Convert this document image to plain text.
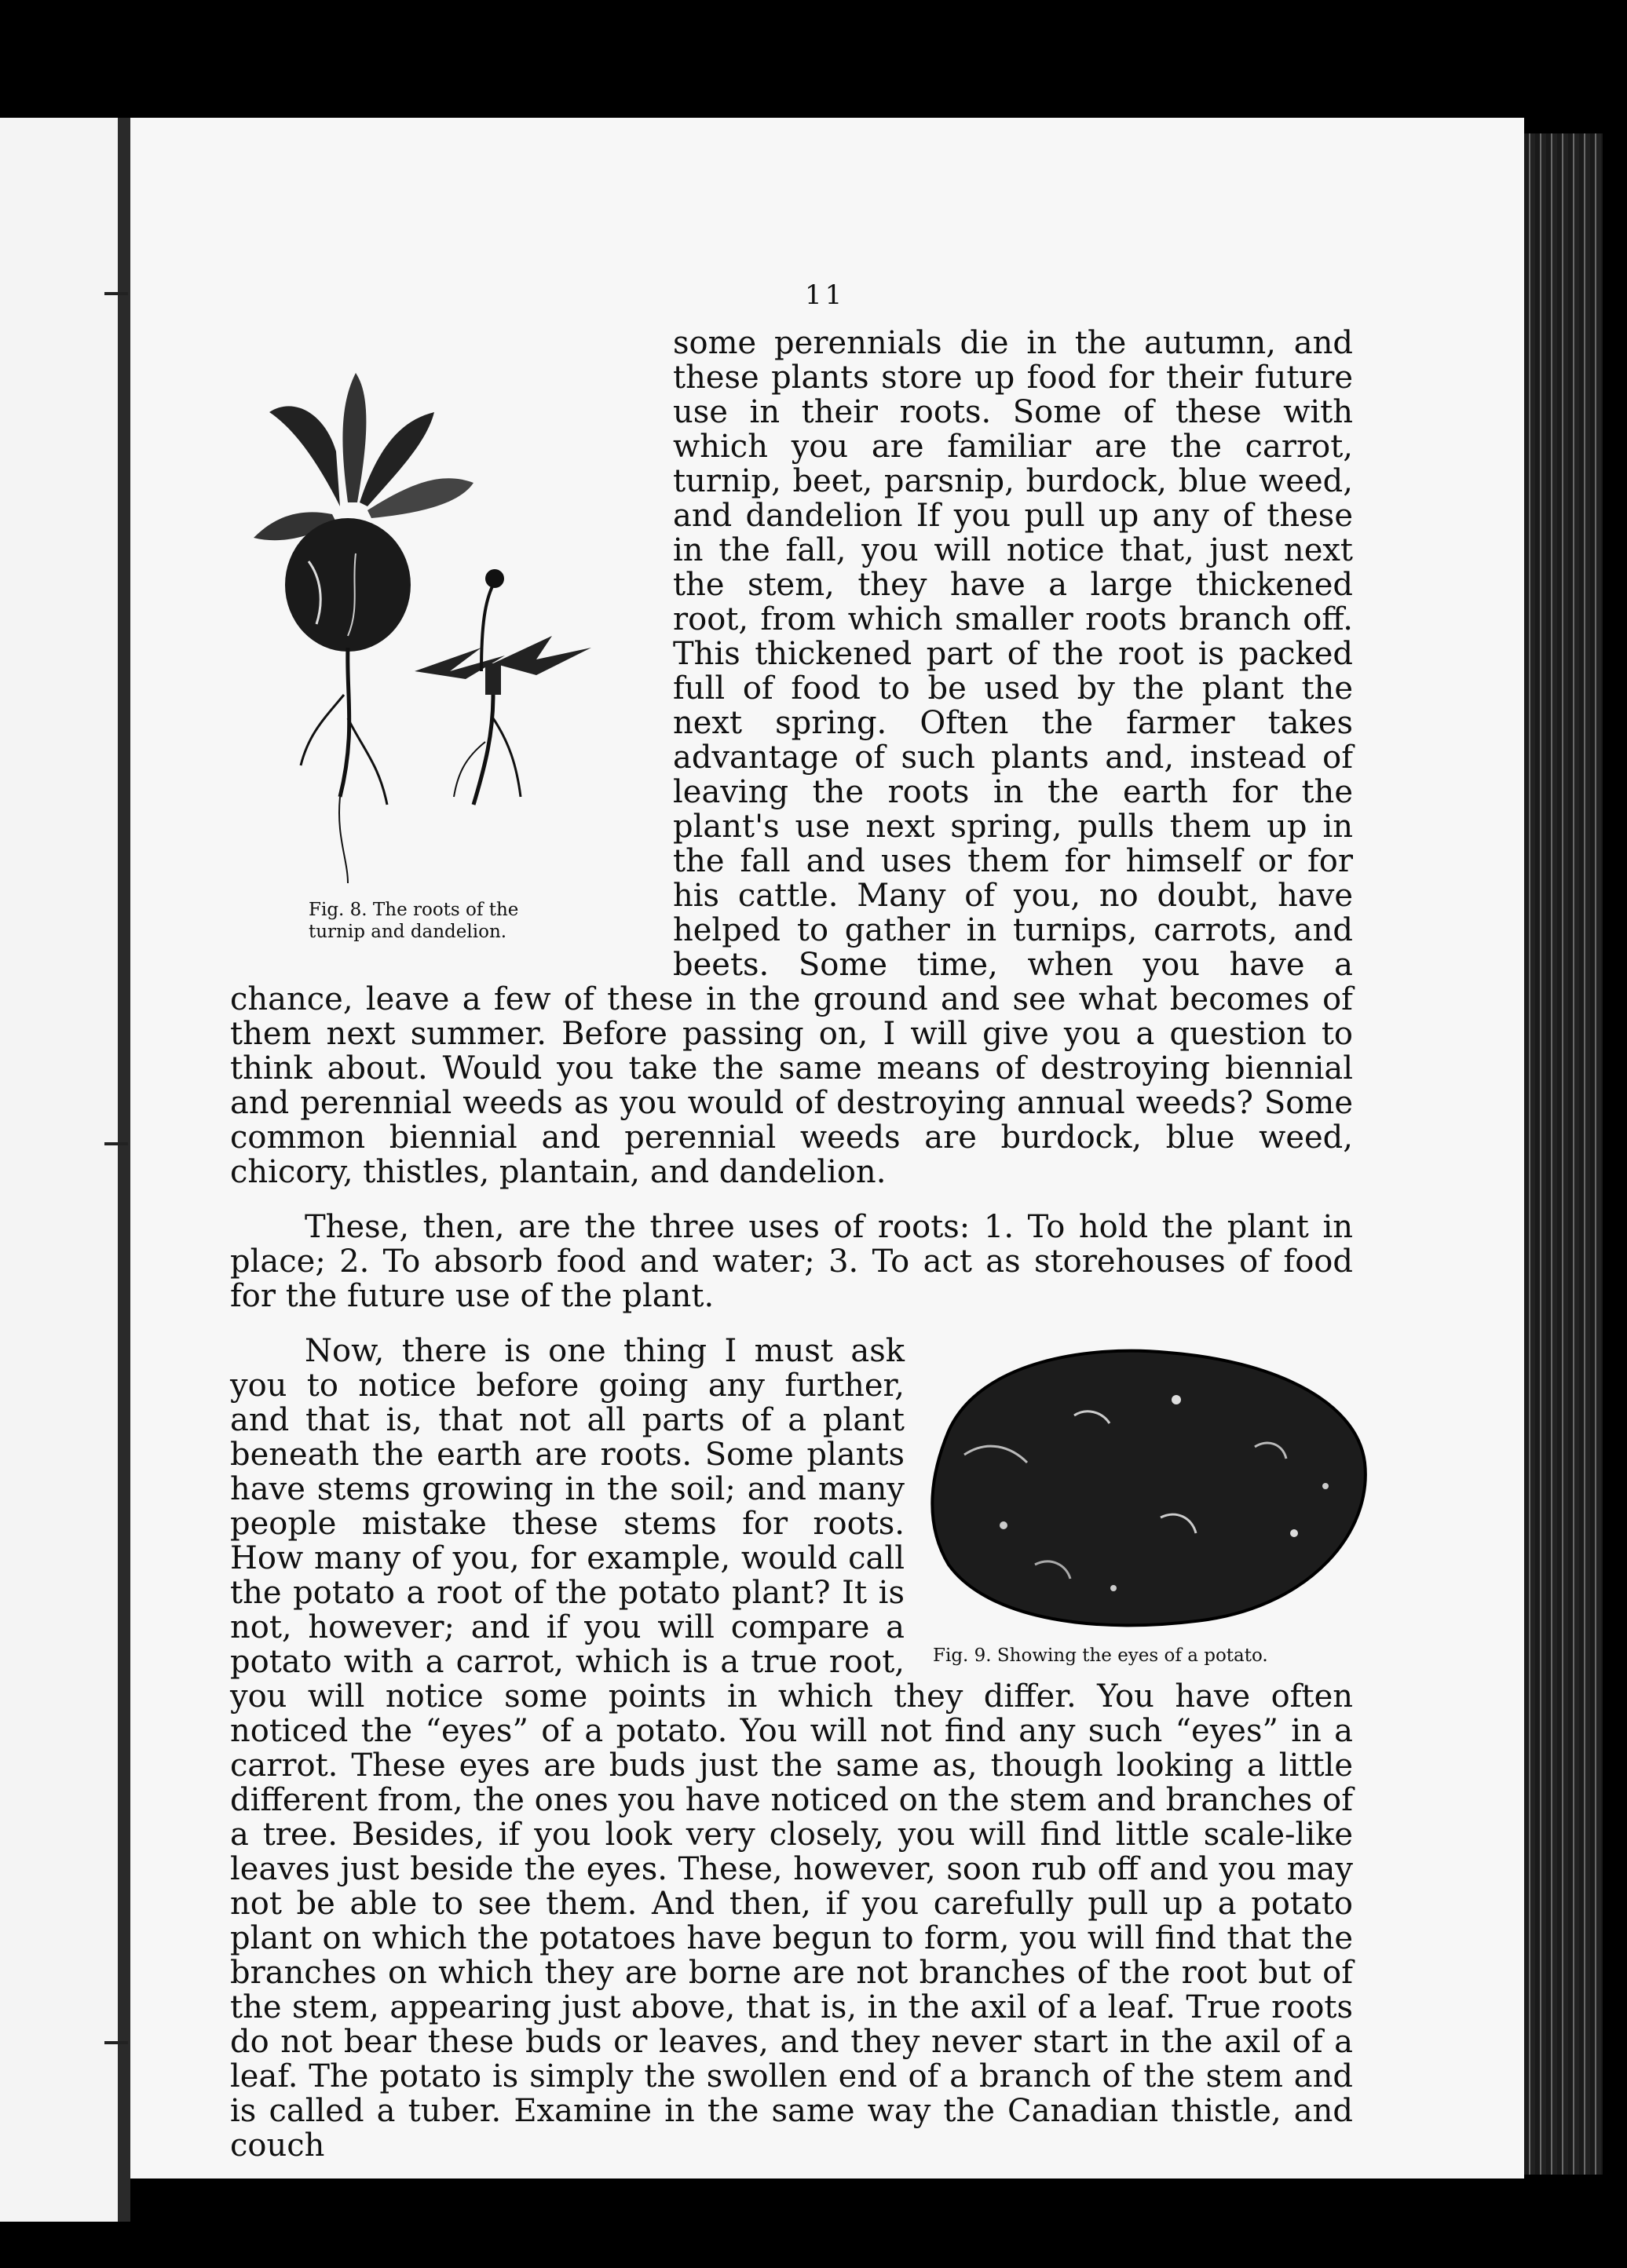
11
Fig. 8. The roots of the turnip and dandelion.

some perennials die in the autumn, and these plants store up food for their future use in their roots. Some of these with which you are familiar are the carrot, turnip, beet, parsnip, burdock, blue weed, and dandelion If you pull up any of these in the fall, you will notice that, just next the stem, they have a large thickened root, from which smaller roots branch off. This thickened part of the root is packed full of food to be used by the plant the next spring. Often the farmer takes advantage of such plants and, instead of leaving the roots in the earth for the plant's use next spring, pulls them up in the fall and uses them for himself or for his cattle. Many of you, no doubt, have helped to gather in turnips, carrots, and beets. Some time, when you have a chance, leave a few of these in the ground and see what becomes of them next summer. Before passing on, I will give you a question to think about. Would you take the same means of destroying biennial and perennial weeds as you would of destroying annual weeds? Some common biennial and perennial weeds are burdock, blue weed, chicory, thistles, plantain, and dandelion.

These, then, are the three uses of roots: 1. To hold the plant in place; 2. To absorb food and water; 3. To act as storehouses of food for the future use of the plant.

Fig. 9. Showing the eyes of a potato.

Now, there is one thing I must ask you to notice before going any further, and that is, that not all parts of a plant beneath the earth are roots. Some plants have stems growing in the soil; and many people mistake these stems for roots. How many of you, for example, would call the potato a root of the potato plant? It is not, however; and if you will compare a potato with a carrot, which is a true root, you will notice some points in which they differ. You have often noticed the “eyes” of a potato. You will not find any such “eyes” in a carrot. These eyes are buds just the same as, though looking a little different from, the ones you have noticed on the stem and branches of a tree. Besides, if you look very closely, you will find little scale-like leaves just beside the eyes. These, however, soon rub off and you may not be able to see them. And then, if you carefully pull up a potato plant on which the potatoes have begun to form, you will find that the branches on which they are borne are not branches of the root but of the stem, appearing just above, that is, in the axil of a leaf. True roots do not bear these buds or leaves, and they never start in the axil of a leaf. The potato is simply the swollen end of a branch of the stem and is called a tuber. Examine in the same way the Canadian thistle, and couch
